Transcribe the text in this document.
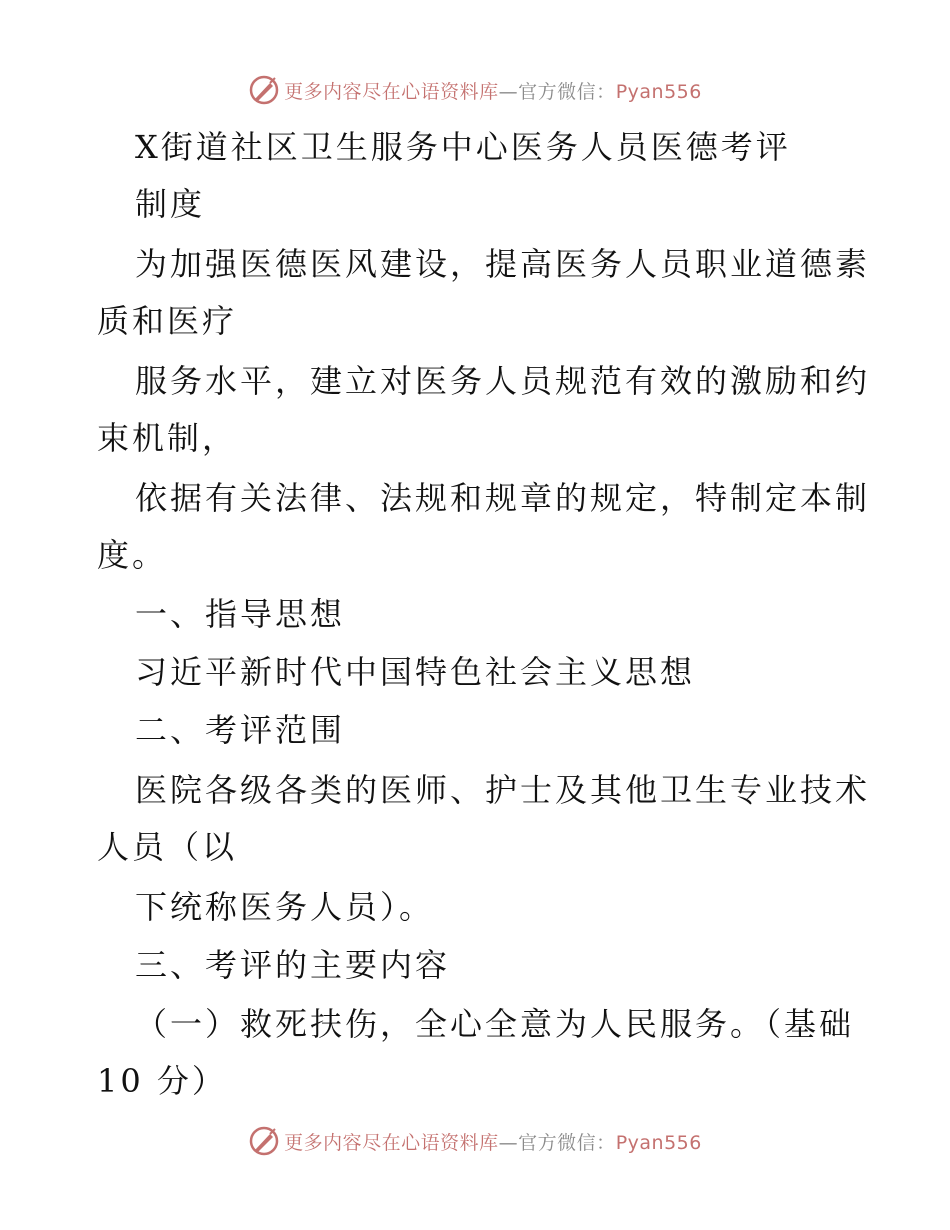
更多内容尽在心语资料库—官方微信：Pyan556
X街道社区卫生服务中心医务人员医德考评
制度
为加强医德医风建设，提高医务人员职业道德素
质和医疗
服务水平，建立对医务人员规范有效的激励和约
束机制，
依据有关法律、法规和规章的规定，特制定本制
度。
一、指导思想
习近平新时代中国特色社会主义思想
二、考评范围
医院各级各类的医师、护士及其他卫生专业技术
人员（以
下统称医务人员）。
三、考评的主要内容
（一）救死扶伤，全心全意为人民服务。（基础
10 分）
更多内容尽在心语资料库—官方微信：Pyan556
